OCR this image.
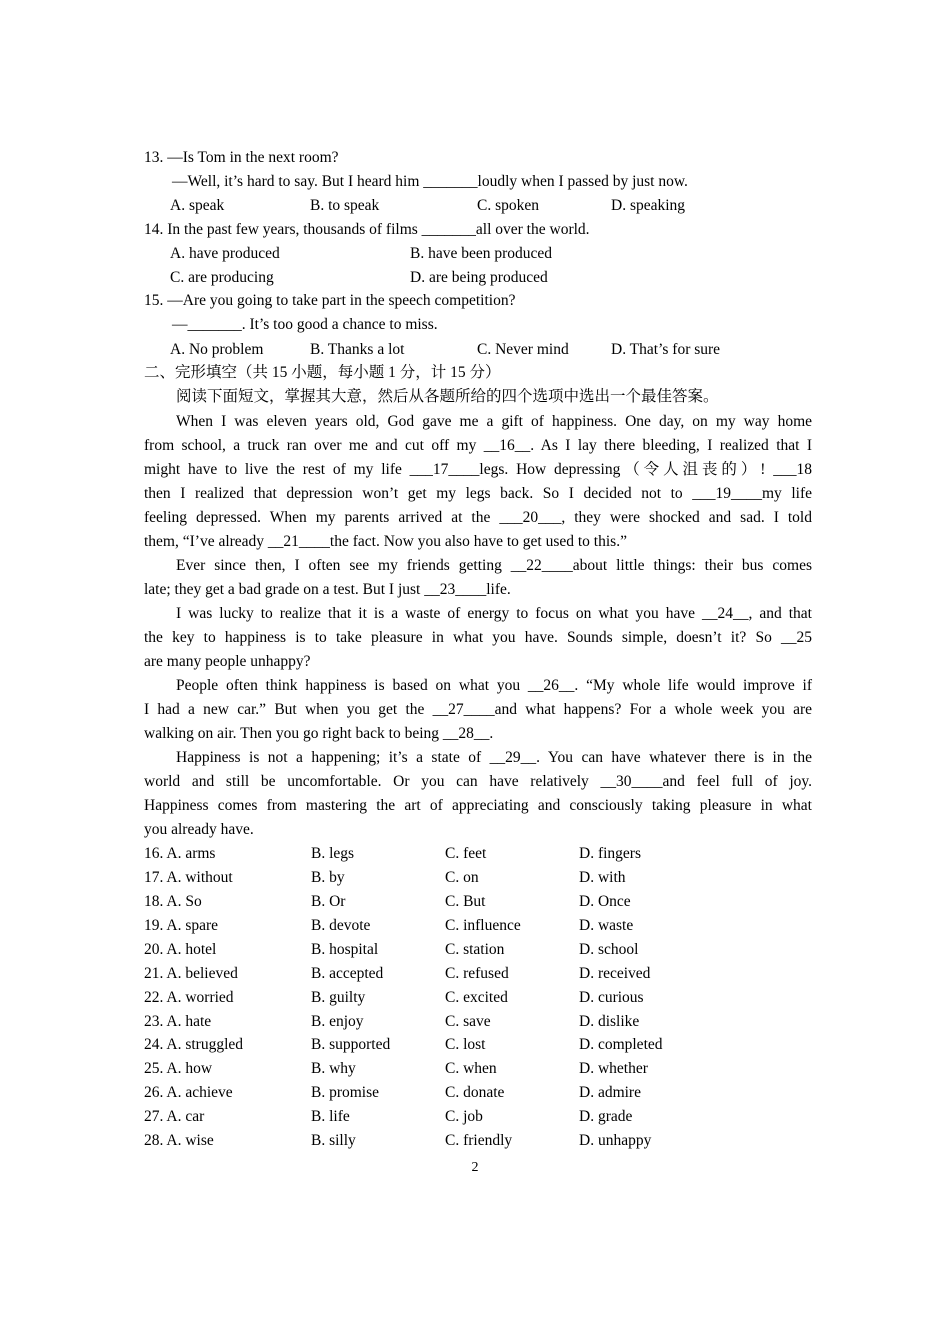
13. —Is Tom in the next room?
—Well, it’s hard to say. But I heard him _______loudly when I passed by just now.
A. speak	B. to speak	C. spoken	D. speaking
14. In the past few years, thousands of films _______all over the world.
A. have produced	B. have been produced
C. are producing	D. are being produced
15. —Are you going to take part in the speech competition?
—_______. It’s too good a chance to miss.
A. No problem	B. Thanks a lot	C. Never mind	D. That’s for sure
二、完形填空（共 15 小题，每小题 1 分，计 15 分）
阅读下面短文，掌握其大意，然后从各题所给的四个选项中选出一个最佳答案。
When I was eleven years old, God gave me a gift of happiness. One day, on my way home
from school, a truck ran over me and cut off my __16__. As I lay there bleeding, I realized that I
might have to live the rest of my life ___17____legs. How depressing（令人沮丧的）! ___18
then I realized that depression won’t get my legs back. So I decided not to ___19____my life
feeling depressed. When my parents arrived at the ___20___, they were shocked and sad. I told
them, “I’ve already __21____the fact. Now you also have to get used to this.”
Ever since then, I often see my friends getting __22____about little things: their bus comes
late; they get a bad grade on a test. But I just __23____life.
I was lucky to realize that it is a waste of energy to focus on what you have __24__, and that
the key to happiness is to take pleasure in what you have. Sounds simple, doesn’t it? So __25
are many people unhappy?
People often think happiness is based on what you __26__. “My whole life would improve if
I had a new car.” But when you get the __27____and what happens? For a whole week you are
walking on air. Then you go right back to being __28__.
Happiness is not a happening; it’s a state of __29__. You can have whatever there is in the
world and still be uncomfortable. Or you can have relatively __30____and feel full of joy.
Happiness comes from mastering the art of appreciating and consciously taking pleasure in what
you already have.
16. A. arms	B. legs	C. feet	D. fingers
17. A. without	B. by	C. on	D. with
18. A. So	B. Or	C. But	D. Once
19. A. spare	B. devote	C. influence	D. waste
20. A. hotel	B. hospital	C. station	D. school
21. A. believed	B. accepted	C. refused	D. received
22. A. worried	B. guilty	C. excited	D. curious
23. A. hate	B. enjoy	C. save	D. dislike
24. A. struggled	B. supported	C. lost	D. completed
25. A. how	B. why	C. when	D. whether
26. A. achieve	B. promise	C. donate	D. admire
27. A. car	B. life	C. job	D. grade
28. A. wise	B. silly	C. friendly	D. unhappy
2
